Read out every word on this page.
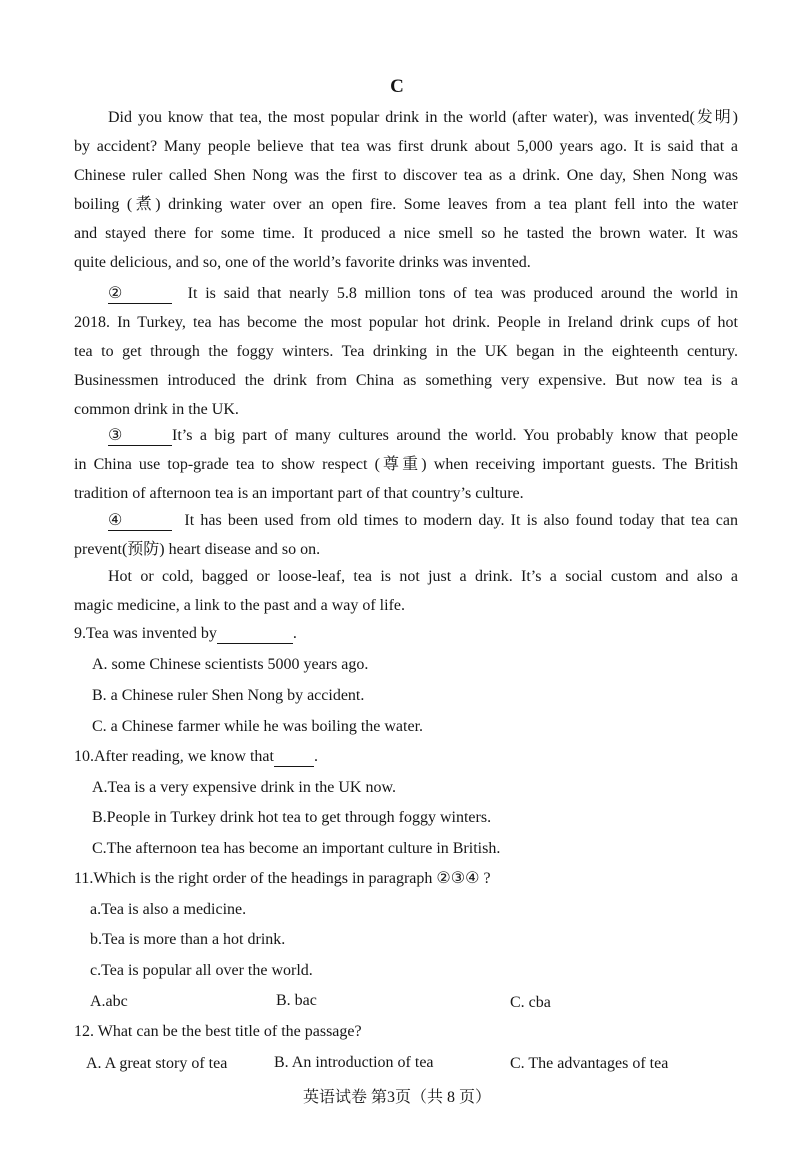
C
Did you know that tea, the most popular drink in the world (after water), was invented(发明)
by accident? Many people believe that tea was first drunk about 5,000 years ago. It is said that a
Chinese ruler called Shen Nong was the first to discover tea as a drink. One day, Shen Nong was
boiling (煮) drinking water over an open fire. Some leaves from a tea plant fell into the water
and stayed there for some time. It produced a nice smell so he tasted the brown water. It was
quite delicious, and so, one of the world’s favorite drinks was invented.
②	It is said that nearly 5.8 million tons of tea was produced around the world in
2018. In Turkey, tea has become the most popular hot drink. People in Ireland drink cups of hot
tea to get through the foggy winters. Tea drinking in the UK began in the eighteenth century.
Businessmen introduced the drink from China as something very expensive. But now tea is a
common drink in the UK.
③	It’s a big part of many cultures around the world. You probably know that people
in China use top-grade tea to show respect (尊重) when receiving important guests. The British
tradition of afternoon tea is an important part of that country’s culture.
④	It has been used from old times to modern day. It is also found today that tea can
prevent(预防) heart disease and so on.
Hot or cold, bagged or loose-leaf, tea is not just a drink. It’s a social custom and also a
magic medicine, a link to the past and a way of life.
9.Tea was invented by	.
A. some Chinese scientists 5000 years ago.
B. a Chinese ruler Shen Nong by accident.
C. a Chinese farmer while he was boiling the water.
10.After reading, we know that	.
A.Tea is a very expensive drink in the UK now.
B.People in Turkey drink hot tea to get through foggy winters.
C.The afternoon tea has become an important culture in British.
11.Which is the right order of the headings in paragraph ②③④ ?
a.Tea is also a medicine.
b.Tea is more than a hot drink.
c.Tea is popular all over the world.
A.abc	B. bac	C. cba
12. What can be the best title of the passage?
A. A great story of tea	B. An introduction of tea	C. The advantages of tea
英语试卷 第3页（共 8 页）
